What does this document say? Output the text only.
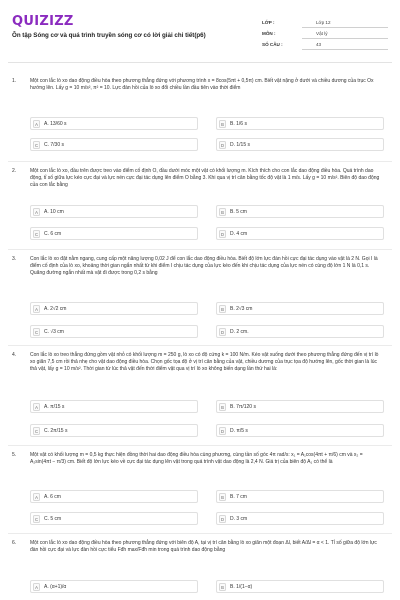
QUIZIZZ
Ôn tập Sóng cơ và quá trình truyền sóng cơ có lời giải chi tiết(p6)
LỚP :	Lớp 12
MÔN :	Vật lý
SỐ CÂU :	43
1.	Một con lắc lò xo dao động điều hòa theo phương thẳng đứng với phương trình x = 8cos(5πt + 0,5π) cm. Biết vật nặng ở dưới và chiều dương của trục Ox hướng lên. Lấy g = 10 m/s², π² = 10. Lực đàn hồi của lò xo đổi chiều lần đầu tiên vào thời điểm
A	A. 13/60 s	B	B. 1/6 s
C	C. 7/30 s	D	D. 1/15 s
2.	Một con lắc lò xo, đầu trên được treo vào điểm cố định O, đầu dưới móc một vật có khối lượng m. Kích thích cho con lắc dao động điều hòa. Quá trình dao động, tỉ số giữa lực kéo cực đại và lực nén cực đại tác dụng lên điểm O bằng 3. Khi qua vị trí cân bằng tốc độ vật là 1 m/s. Lấy g = 10 m/s². Biên độ dao động của con lắc bằng
A	A. 10 cm	B	B. 5 cm
C	C. 6 cm	D	D. 4 cm
3.	Con lắc lò xo đặt nằm ngang, cung cấp một năng lượng 0,02 J để con lắc dao động điều hòa. Biết độ lớn lực đàn hồi cực đại tác dụng vào vật là 2 N. Gọi I là điểm cố định của lò xo, khoảng thời gian ngắn nhất từ khi điểm I chịu tác dụng của lực kéo đến khi chịu tác dụng của lực nén có cùng độ lớn 1 N là 0,1 s. Quãng đường ngắn nhất mà vật đi được trong 0,2 s bằng
A	A. 2√2 cm	B	B. 2√3 cm
C	C. √3 cm	D	D. 2 cm.
4.	Con lắc lò xo treo thẳng đứng gồm vật nhỏ có khối lượng m = 250 g, lò xo có độ cứng k = 100 N/m. Kéo vật xuống dưới theo phương thẳng đứng đến vị trí lò xo giãn 7,5 cm rồi thả nhẹ cho vật dao động điều hòa. Chọn gốc tọa độ ở vị trí cân bằng của vật, chiều dương của trục tọa độ hướng lên, gốc thời gian là lúc thả vật, lấy g = 10 m/s². Thời gian từ lúc thả vật đến thời điểm vật qua vị trí lò xo không biến dạng lần thứ hai là:
A	A. π/15 s	B	B. 7π/120 s
C	C. 2π/15 s	D	D. π/5 s
5.	Một vật có khối lượng m = 0,5 kg thực hiện đồng thời hai dao động điều hòa cùng phương, cùng tần số góc 4π rad/s: x₁ = A₁cos(4πt + π/6) cm và x₂ = A₂sin(4πt − π/3) cm. Biết độ lớn lực kéo về cực đại tác dụng lên vật trong quá trình vật dao động là 2,4 N. Giá trị của biên độ A₁ có thể là
A	A. 6 cm	B	B. 7 cm
C	C. 5 cm	D	D. 3 cm
6.	Một con lắc lò xo dao động điều hòa theo phương thẳng đứng với biên độ A, tại vị trí cân bằng lò xo giãn một đoạn Δl, biết A/Δl = α < 1. Tỉ số giữa độ lớn lực đàn hồi cực đại và lực đàn hồi cực tiểu Fđh max/Fđh min trong quá trình dao động bằng
A	A. (α+1)/α	B	B. 1/(1−α)
